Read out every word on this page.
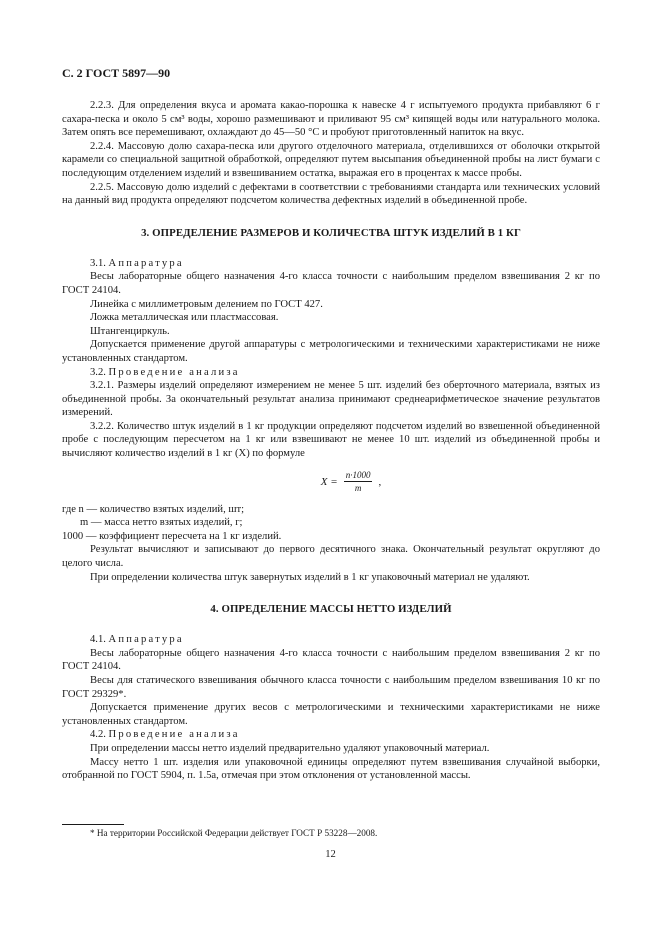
С. 2 ГОСТ 5897—90

2.2.3. Для определения вкуса и аромата какао-порошка к навеске 4 г испытуемого продукта прибавляют 6 г сахара-песка и около 5 см³ воды, хорошо размешивают и приливают 95 см³ кипящей воды или натурального молока. Затем опять все перемешивают, охлаждают до 45—50 °С и пробуют приготовленный напиток на вкус.

2.2.4. Массовую долю сахара-песка или другого отделочного материала, отделившихся от оболочки открытой карамели со специальной защитной обработкой, определяют путем высыпания объединенной пробы на лист бумаги с последующим отделением изделий и взвешиванием остатка, выражая его в процентах к массе пробы.

2.2.5. Массовую долю изделий с дефектами в соответствии с требованиями стандарта или технических условий на данный вид продукта определяют подсчетом количества дефектных изделий в объединенной пробе.

3. ОПРЕДЕЛЕНИЕ РАЗМЕРОВ И КОЛИЧЕСТВА ШТУК ИЗДЕЛИЙ В 1 КГ

3.1. Аппаратура

Весы лабораторные общего назначения 4-го класса точности с наибольшим пределом взвешивания 2 кг по ГОСТ 24104.

Линейка с миллиметровым делением по ГОСТ 427.

Ложка металлическая или пластмассовая.

Штангенциркуль.

Допускается применение другой аппаратуры с метрологическими и техническими характеристиками не ниже установленных стандартом.

3.2. Проведение анализа

3.2.1. Размеры изделий определяют измерением не менее 5 шт. изделий без оберточного материала, взятых из объединенной пробы. За окончательный результат анализа принимают среднеарифметическое значение результатов измерений.

3.2.2. Количество штук изделий в 1 кг продукции определяют подсчетом изделий во взвешенной объединенной пробе с последующим пересчетом на 1 кг или взвешивают не менее 10 шт. изделий из объединенной пробы и вычисляют количество изделий в 1 кг (X) по формуле

$X = \frac{n\cdot 1000}{m}$ ,

где n — количество взятых изделий, шт;

m — масса нетто взятых изделий, г;

1000 — коэффициент пересчета на 1 кг изделий.

Результат вычисляют и записывают до первого десятичного знака. Окончательный результат округляют до целого числа.

При определении количества штук завернутых изделий в 1 кг упаковочный материал не удаляют.

4. ОПРЕДЕЛЕНИЕ МАССЫ НЕТТО ИЗДЕЛИЙ

4.1. Аппаратура

Весы лабораторные общего назначения 4-го класса точности с наибольшим пределом взвешивания 2 кг по ГОСТ 24104.

Весы для статического взвешивания обычного класса точности с наибольшим пределом взвешивания 10 кг по ГОСТ 29329*.

Допускается применение других весов с метрологическими и техническими характеристиками не ниже установленных стандартом.

4.2. Проведение анализа

При определении массы нетто изделий предварительно удаляют упаковочный материал.

Массу нетто 1 шт. изделия или упаковочной единицы определяют путем взвешивания случайной выборки, отобранной по ГОСТ 5904, п. 1.5а, отмечая при этом отклонения от установленной массы.

* На территории Российской Федерации действует ГОСТ Р 53228—2008.
12
